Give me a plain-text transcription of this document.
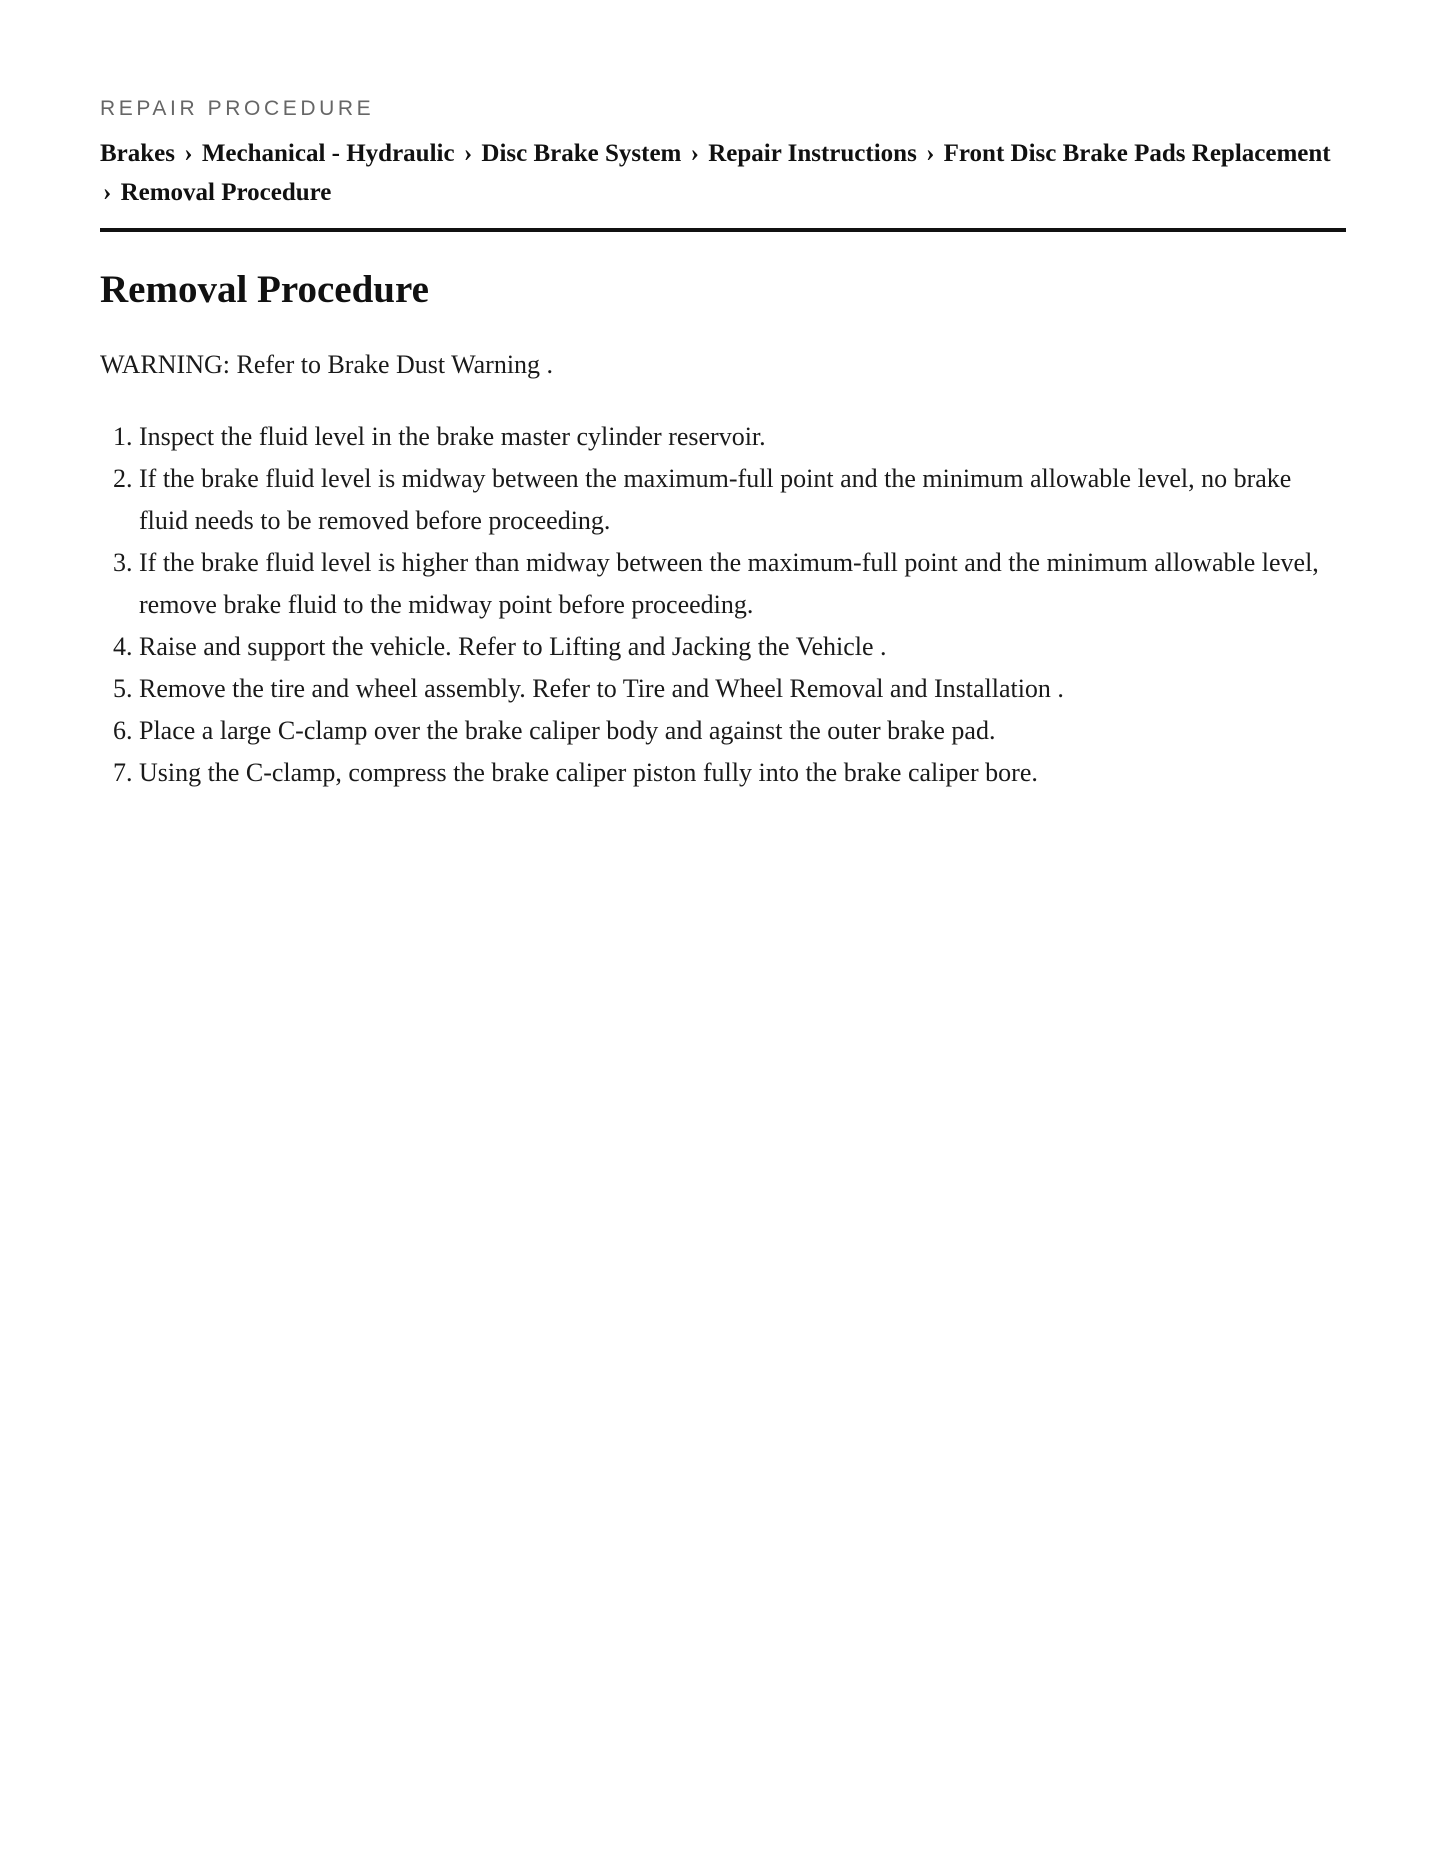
REPAIR PROCEDURE
Brakes › Mechanical - Hydraulic › Disc Brake System › Repair Instructions › Front Disc Brake Pads Replacement › Removal Procedure
Removal Procedure

WARNING: Refer to Brake Dust Warning .

1. Inspect the fluid level in the brake master cylinder reservoir.
2. If the brake fluid level is midway between the maximum-full point and the minimum allowable level, no brake fluid needs to be removed before proceeding.
3. If the brake fluid level is higher than midway between the maximum-full point and the minimum allowable level, remove brake fluid to the midway point before proceeding.
4. Raise and support the vehicle. Refer to Lifting and Jacking the Vehicle .
5. Remove the tire and wheel assembly. Refer to Tire and Wheel Removal and Installation .
6. Place a large C-clamp over the brake caliper body and against the outer brake pad.
7. Using the C-clamp, compress the brake caliper piston fully into the brake caliper bore.
